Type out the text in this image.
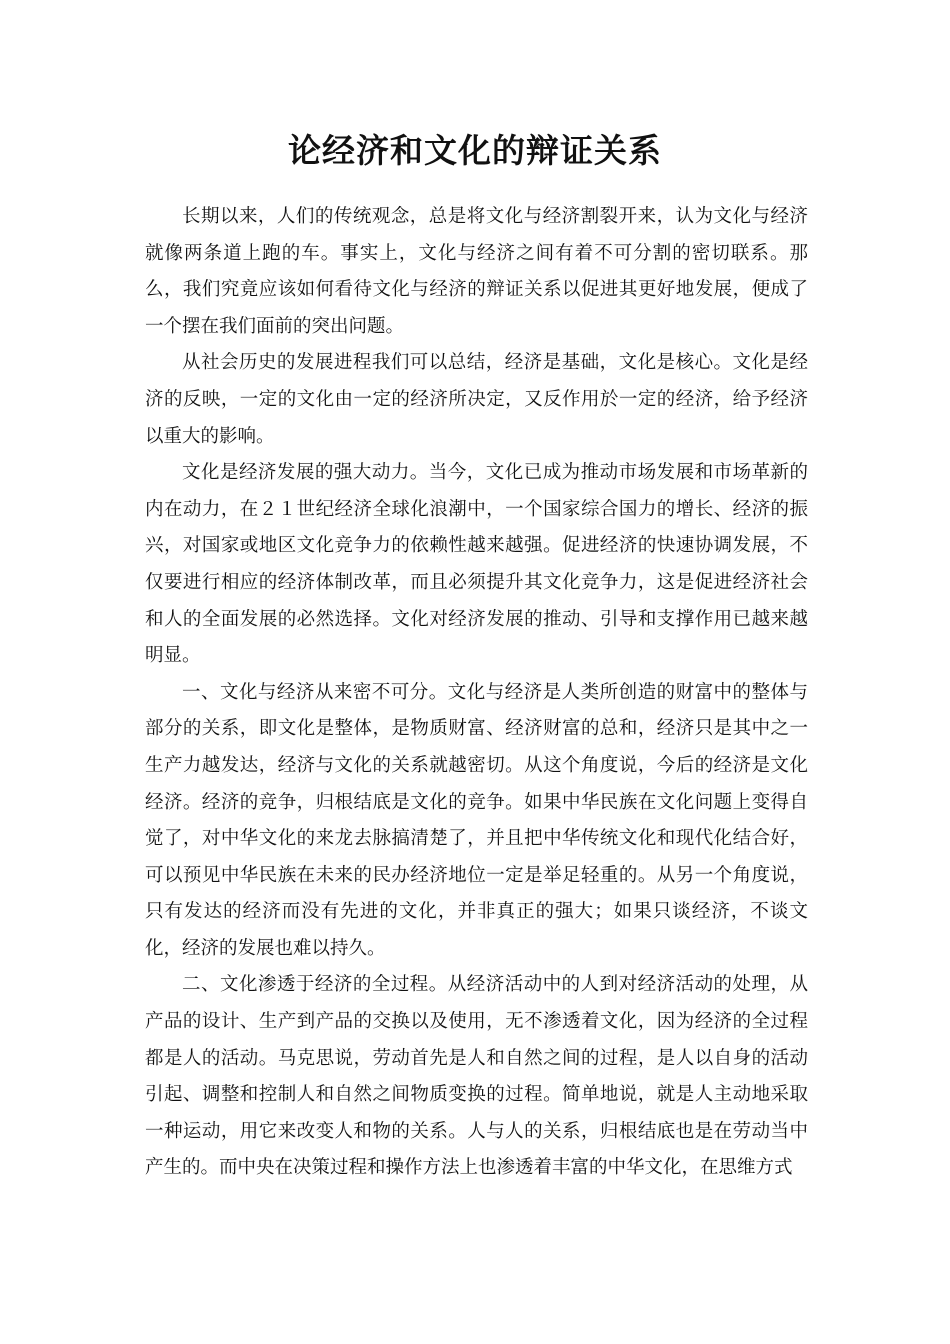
论经济和文化的辩证关系

长期以来，人们的传统观念，总是将文化与经济割裂开来，认为文化与经济就像两条道上跑的车。事实上，文化与经济之间有着不可分割的密切联系。那么，我们究竟应该如何看待文化与经济的辩证关系以促进其更好地发展，便成了一个摆在我们面前的突出问题。

从社会历史的发展进程我们可以总结，经济是基础，文化是核心。文化是经济的反映，一定的文化由一定的经济所决定，又反作用於一定的经济，给予经济以重大的影响。

文化是经济发展的强大动力。当今，文化已成为推动市场发展和市场革新的内在动力，在２１世纪经济全球化浪潮中，一个国家综合国力的增长、经济的振兴，对国家或地区文化竞争力的依赖性越来越强。促进经济的快速协调发展，不仅要进行相应的经济体制改革，而且必须提升其文化竞争力，这是促进经济社会和人的全面发展的必然选择。文化对经济发展的推动、引导和支撑作用已越来越明显。

一、文化与经济从来密不可分。文化与经济是人类所创造的财富中的整体与部分的关系，即文化是整体，是物质财富、经济财富的总和，经济只是其中之一生产力越发达，经济与文化的关系就越密切。从这个角度说，今后的经济是文化经济。经济的竞争，归根结底是文化的竞争。如果中华民族在文化问题上变得自觉了，对中华文化的来龙去脉搞清楚了，并且把中华传统文化和现代化结合好，可以预见中华民族在未来的民办经济地位一定是举足轻重的。从另一个角度说，只有发达的经济而没有先进的文化，并非真正的强大；如果只谈经济，不谈文化，经济的发展也难以持久。

二、文化渗透于经济的全过程。从经济活动中的人到对经济活动的处理，从产品的设计、生产到产品的交换以及使用，无不渗透着文化，因为经济的全过程都是人的活动。马克思说，劳动首先是人和自然之间的过程，是人以自身的活动引起、调整和控制人和自然之间物质变换的过程。简单地说，就是人主动地采取一种运动，用它来改变人和物的关系。人与人的关系，归根结底也是在劳动当中产生的。而中央在决策过程和操作方法上也渗透着丰富的中华文化，在思维方式
